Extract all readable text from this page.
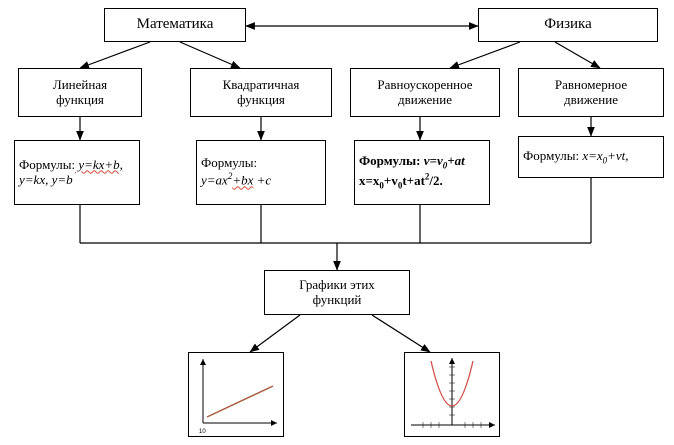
Математика	Физика
Линейная
функция
Квадратичная
функция
Равноускоренное
движение
Равномерное
движение
Формулы: y=kx+b,
y=kx, y=b
Формулы:
$y=ax^2+bx +c$
Формулы: $v=v_0+at$
$x=x_0+v_0t+at^2/2$.
Формулы: $x=x_0+vt$,
Графики этих
функций
10
